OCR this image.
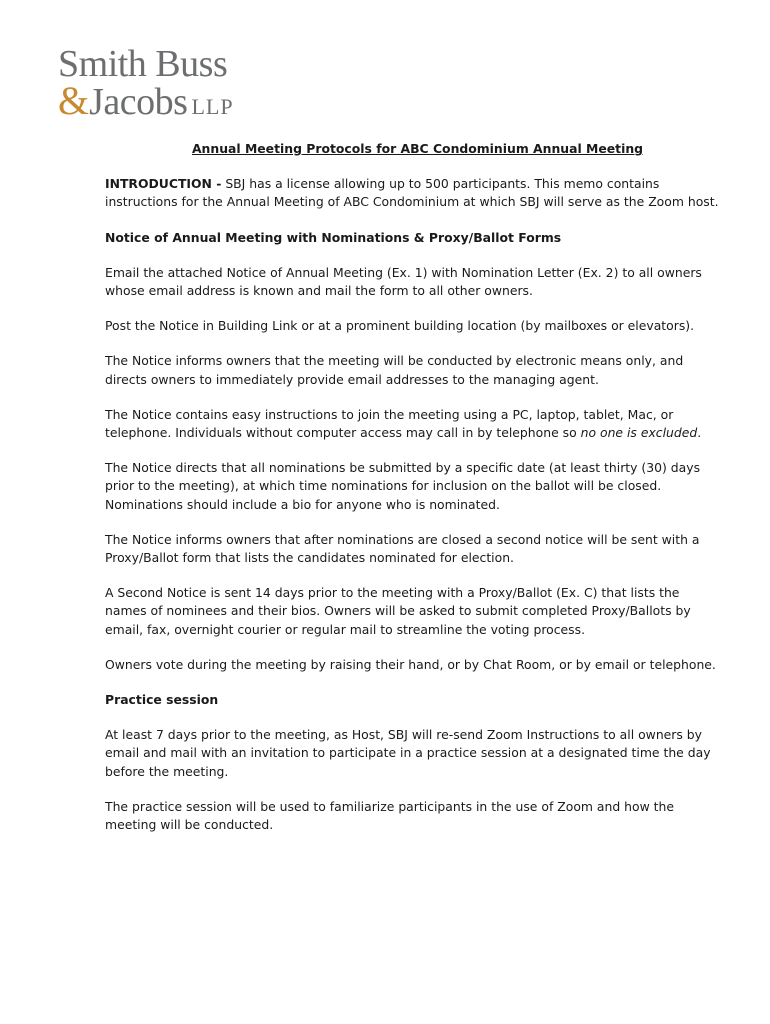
Smith Buss
&Jacobs LLP
Annual Meeting Protocols for ABC Condominium Annual Meeting
INTRODUCTION - SBJ has a license allowing up to 500 participants. This memo contains instructions for the Annual Meeting of ABC Condominium at which SBJ will serve as the Zoom host.
Notice of Annual Meeting with Nominations & Proxy/Ballot Forms
Email the attached Notice of Annual Meeting (Ex. 1) with Nomination Letter (Ex. 2) to all owners whose email address is known and mail the form to all other owners.
Post the Notice in Building Link or at a prominent building location (by mailboxes or elevators).
The Notice informs owners that the meeting will be conducted by electronic means only, and directs owners to immediately provide email addresses to the managing agent.
The Notice contains easy instructions to join the meeting using a PC, laptop, tablet, Mac, or telephone. Individuals without computer access may call in by telephone so no one is excluded.
The Notice directs that all nominations be submitted by a specific date (at least thirty (30) days prior to the meeting), at which time nominations for inclusion on the ballot will be closed. Nominations should include a bio for anyone who is nominated.
The Notice informs owners that after nominations are closed a second notice will be sent with a Proxy/Ballot form that lists the candidates nominated for election.
A Second Notice is sent 14 days prior to the meeting with a Proxy/Ballot (Ex. C) that lists the names of nominees and their bios. Owners will be asked to submit completed Proxy/Ballots by email, fax, overnight courier or regular mail to streamline the voting process.
Owners vote during the meeting by raising their hand, or by Chat Room, or by email or telephone.
Practice session
At least 7 days prior to the meeting, as Host, SBJ will re-send Zoom Instructions to all owners by email and mail with an invitation to participate in a practice session at a designated time the day before the meeting.
The practice session will be used to familiarize participants in the use of Zoom and how the meeting will be conducted.
